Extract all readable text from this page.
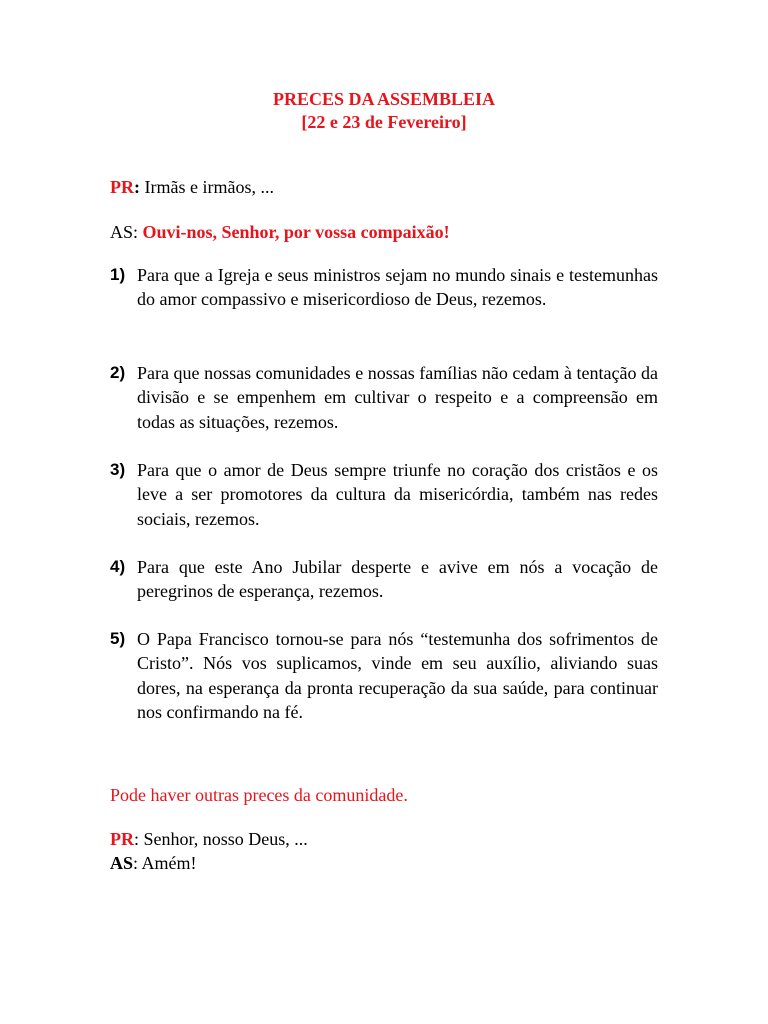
PRECES DA ASSEMBLEIA
[22 e 23 de Fevereiro]
PR: Irmãs e irmãos, ...
AS: Ouvi-nos, Senhor, por vossa compaixão!
1) Para que a Igreja e seus ministros sejam no mundo sinais e testemunhas do amor compassivo e misericordioso de Deus, rezemos.
2) Para que nossas comunidades e nossas famílias não cedam à tentação da divisão e se empenhem em cultivar o respeito e a compreensão em todas as situações, rezemos.
3) Para que o amor de Deus sempre triunfe no coração dos cristãos e os leve a ser promotores da cultura da misericórdia, também nas redes sociais, rezemos.
4) Para que este Ano Jubilar desperte e avive em nós a vocação de peregrinos de esperança, rezemos.
5) O Papa Francisco tornou-se para nós “testemunha dos sofrimentos de Cristo”. Nós vos suplicamos, vinde em seu auxílio, aliviando suas dores, na esperança da pronta recuperação da sua saúde, para continuar nos confirmando na fé.
Pode haver outras preces da comunidade.
PR: Senhor, nosso Deus, ...
AS: Amém!
